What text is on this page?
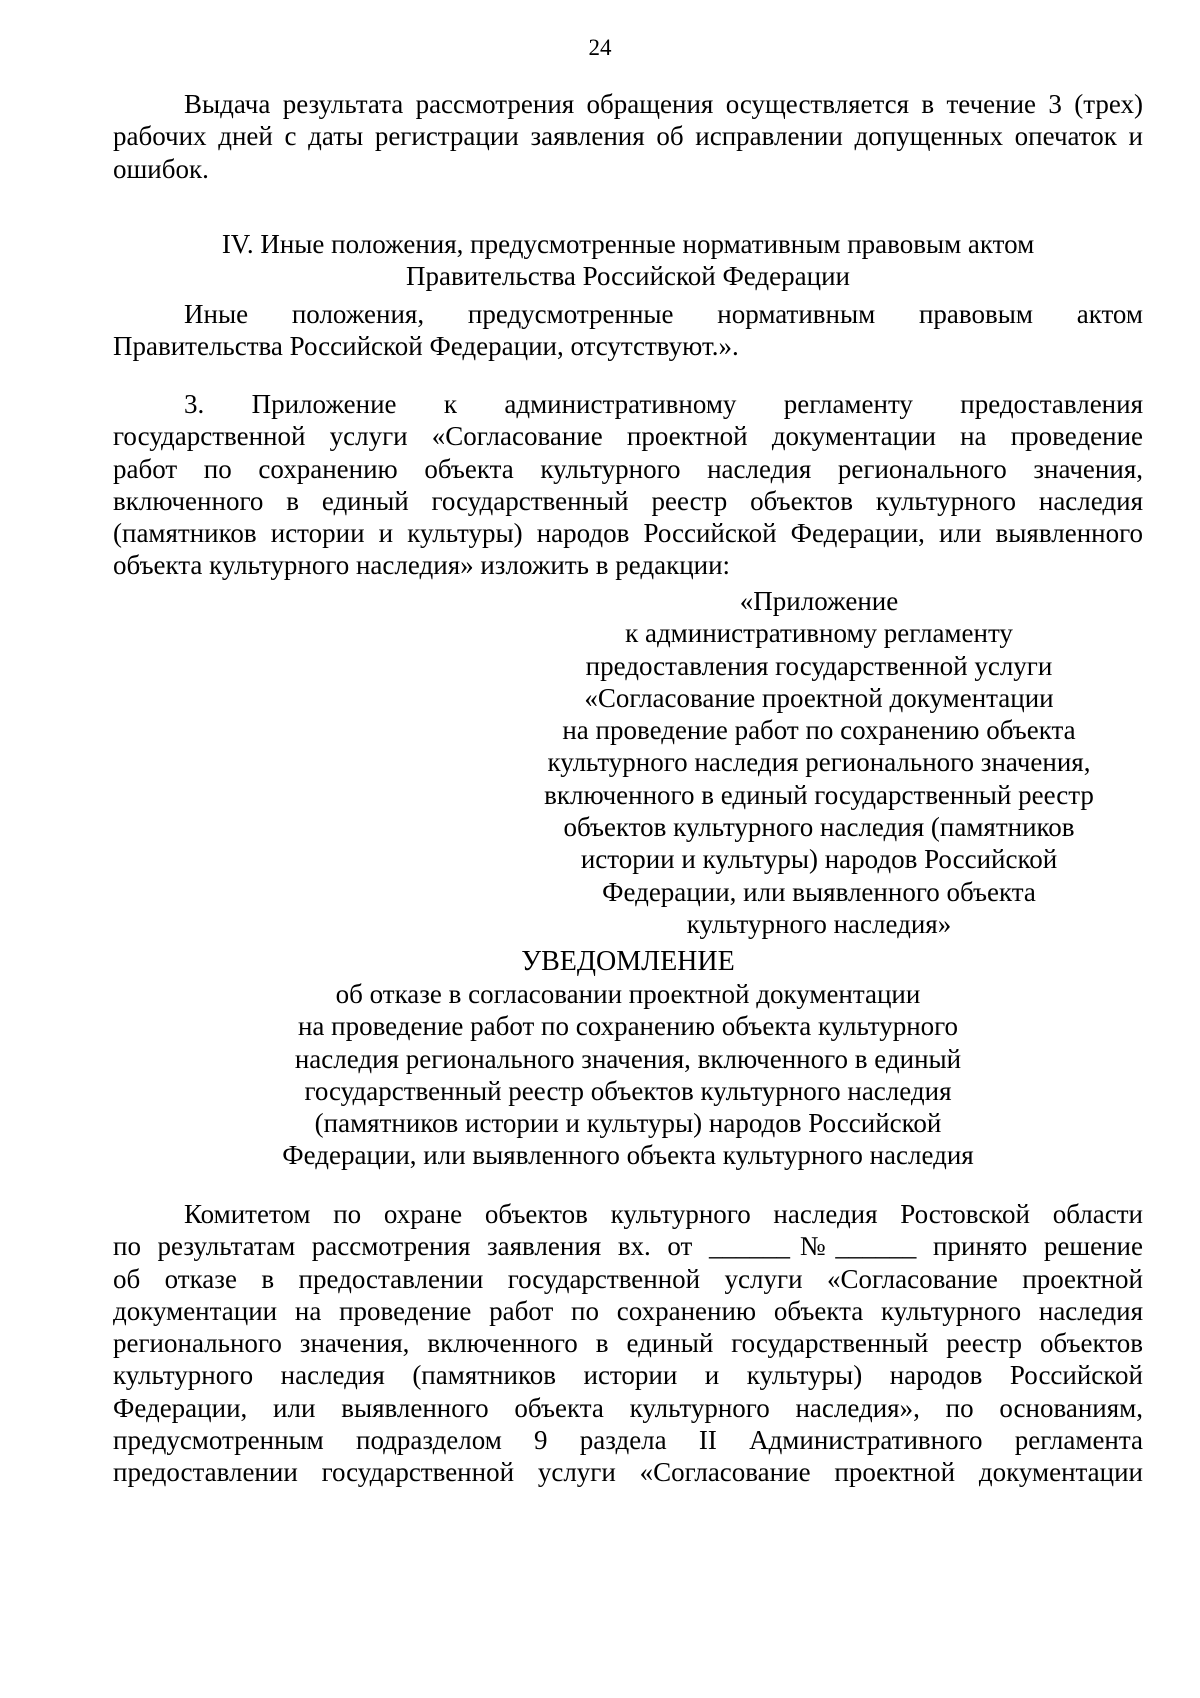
24
Выдача результата рассмотрения обращения осуществляется в течение 3 (трех)
рабочих дней с даты регистрации заявления об исправлении допущенных опечаток и
ошибок.
IV. Иные положения, предусмотренные нормативным правовым актом
Правительства Российской Федерации
Иные положения, предусмотренные нормативным правовым актом
Правительства Российской Федерации, отсутствуют.».
3. Приложение к административному регламенту предоставления
государственной услуги «Согласование проектной документации на проведение
работ по сохранению объекта культурного наследия регионального значения,
включенного в единый государственный реестр объектов культурного наследия
(памятников истории и культуры) народов Российской Федерации, или выявленного
объекта культурного наследия» изложить в редакции:
«Приложение
к административному регламенту
предоставления государственной услуги
«Согласование проектной документации
на проведение работ по сохранению объекта
культурного наследия регионального значения,
включенного в единый государственный реестр
объектов культурного наследия (памятников
истории и культуры) народов Российской
Федерации, или выявленного объекта
культурного наследия»
УВЕДОМЛЕНИЕ
об отказе в согласовании проектной документации
на проведение работ по сохранению объекта культурного
наследия регионального значения, включенного в единый
государственный реестр объектов культурного наследия
(памятников истории и культуры) народов Российской
Федерации, или выявленного объекта культурного наследия
Комитетом по охране объектов культурного наследия Ростовской области
по результатам рассмотрения заявления вх. от ______№______ принято решение
об отказе в предоставлении государственной услуги «Согласование проектной
документации на проведение работ по сохранению объекта культурного наследия
регионального значения, включенного в единый государственный реестр объектов
культурного наследия (памятников истории и культуры) народов Российской
Федерации, или выявленного объекта культурного наследия», по основаниям,
предусмотренным подразделом 9 раздела II Административного регламента
предоставлении государственной услуги «Согласование проектной документации
